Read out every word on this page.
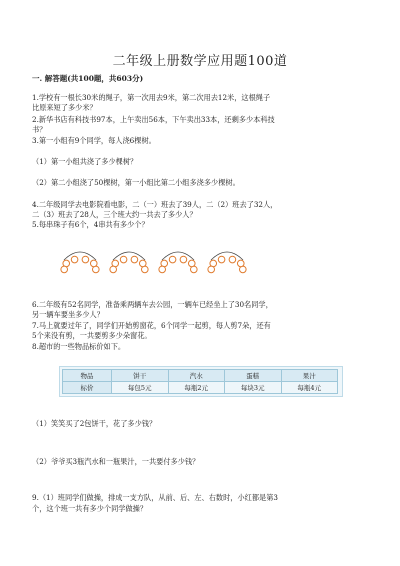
二年级上册数学应用题100道
一. 解答题(共100题，共603分)
1.学校有一根长30米的绳子，第一次用去9米，第二次用去12米，这根绳子
比原来短了多少米？
2.新华书店有科技书97本，上午卖出56本，下午卖出33本，还剩多少本科技
书？
3.第一小组有9个同学，每人浇6棵树。
（1）第一小组共浇了多少棵树？
（2）第二小组浇了50棵树，第一小组比第二小组多浇多少棵树。
4.二年级同学去电影院看电影，二（一）班去了39人，二（2）班去了32人，
二（3）班去了28人，三个班大约一共去了多少人？
5.每串珠子有6个，4串共有多少个？
6.二年级有52名同学，准备乘两辆车去公园，一辆车已经坐上了30名同学，
另一辆车要坐多少人？
7.马上就要过年了，同学们开始剪窗花，6个同学一起剪，每人剪7朵，还有
5个来没有剪，一共要剪多少朵窗花。
8.超市的一些物品标价如下。
物品	饼干	汽水	蛋糕	果汁
标价	每包5元	每瓶2元	每块3元	每瓶4元
（1）笑笑买了2包饼干，花了多少钱？
（2）爷爷买3瓶汽水和一瓶果汁，一共要付多少钱？
9.（1）班同学们做操，排成一支方队，从前、后、左、右数时，小红都是第3
个，这个班一共有多少个同学做操？
